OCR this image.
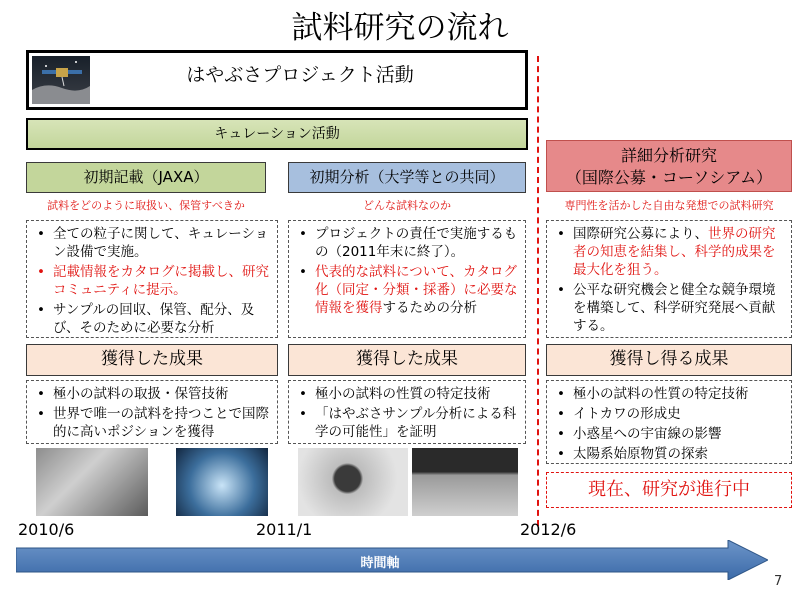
試料研究の流れ
はやぶさプロジェクト活動
キュレーション活動
初期記載（JAXA）
試料をどのように取扱い、保管すべきか
• 全ての粒子に関して、キュレーション設備で実施。
• 記載情報をカタログに掲載し、研究コミュニティに提示。
• サンプルの回収、保管、配分、及び、そのために必要な分析
獲得した成果
• 極小の試料の取扱・保管技術
• 世界で唯一の試料を持つことで国際的に高いポジションを獲得
初期分析（大学等との共同）
どんな試料なのか
• プロジェクトの責任で実施するもの（2011年末に終了）。
• 代表的な試料について、カタログ化（同定・分類・採番）に必要な情報を獲得するための分析
獲得した成果
• 極小の試料の性質の特定技術
• 「はやぶさサンプル分析による科学の可能性」を証明
詳細分析研究
（国際公募・コーソシアム）
専門性を活かした自由な発想での試料研究
• 国際研究公募により、世界の研究者の知恵を結集し、科学的成果を最大化を狙う。
• 公平な研究機会と健全な競争環境を構築して、科学研究発展へ貢献する。
獲得し得る成果
• 極小の試料の性質の特定技術
• イトカワの形成史
• 小惑星への宇宙線の影響
• 太陽系始原物質の探索
現在、研究が進行中
2010/6	2011/1	2012/6
時間軸
7
